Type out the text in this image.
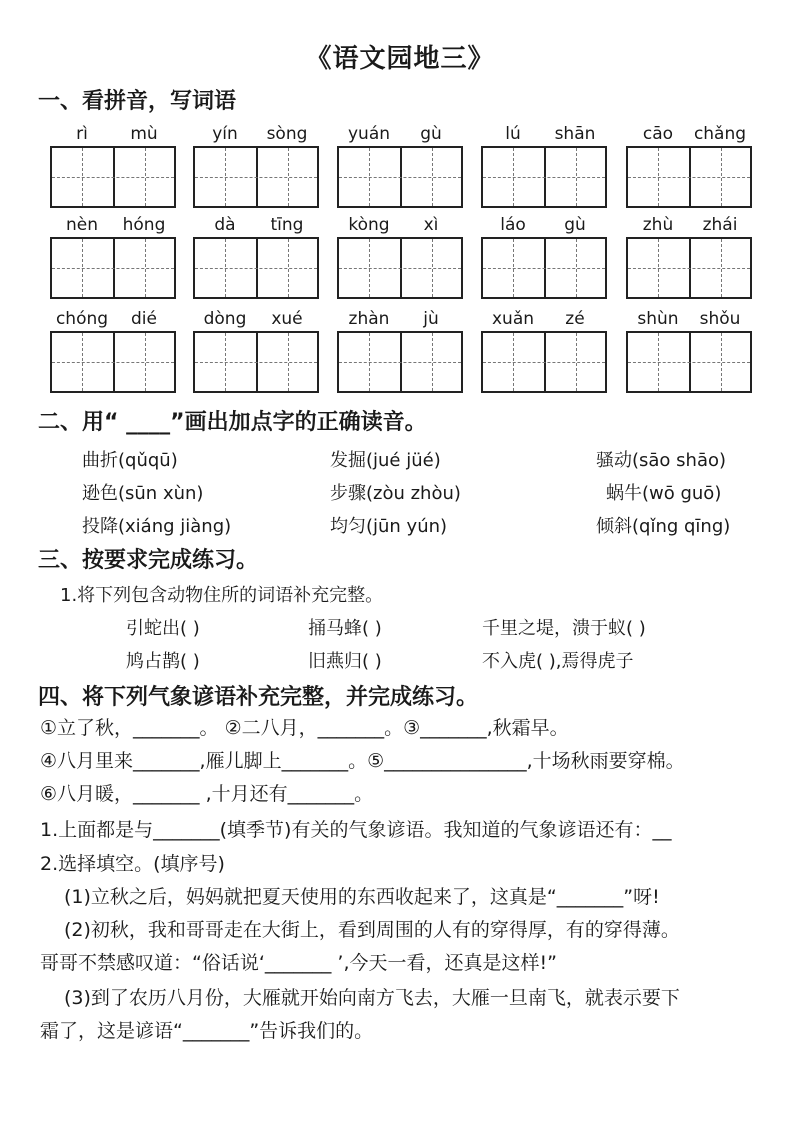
《语文园地三》
一、看拼音，写词语
rì	mù	yín	sòng	yuán	gù	lú	shān	cāo	chǎng
nèn	hóng	dà	tīng	kòng	xì	láo	gù	zhù	zhái
chóng	dié	dòng	xué	zhàn	jù	xuǎn	zé	shùn	shǒu
二、用“ ____”画出加点字的正确读音。
曲折(qǔqū)	发掘(jué jüé)	骚动(sāo shāo)
逊色(sūn xùn)	步骤(zòu zhòu)	蜗牛(wō guō)
投降(xiáng jiàng)	均匀(jūn yún)	倾斜(qǐng qīng)
三、按要求完成练习。
1.将下列包含动物住所的词语补充完整。
引蛇出( )	捅马蜂( )	千里之堤，溃于蚁( )
鸠占鹊( )	旧燕归( )	不入虎( ),焉得虎子
四、将下列气象谚语补充完整，并完成练习。
①立了秋，_______。 ②二八月，_______。③_______,秋霜早。
④八月里来_______,雁儿脚上_______。⑤_______________,十场秋雨要穿棉。
⑥八月暖，_______ ,十月还有_______。
1.上面都是与_______(填季节)有关的气象谚语。我知道的气象谚语还有：__
2.选择填空。(填序号)
(1)立秋之后，妈妈就把夏天使用的东西收起来了，这真是“_______”呀!
(2)初秋，我和哥哥走在大街上，看到周围的人有的穿得厚，有的穿得薄。
哥哥不禁感叹道：“俗话说‘_______ ’,今天一看，还真是这样!”
(3)到了农历八月份，大雁就开始向南方飞去，大雁一旦南飞，就表示要下
霜了，这是谚语“_______”告诉我们的。
